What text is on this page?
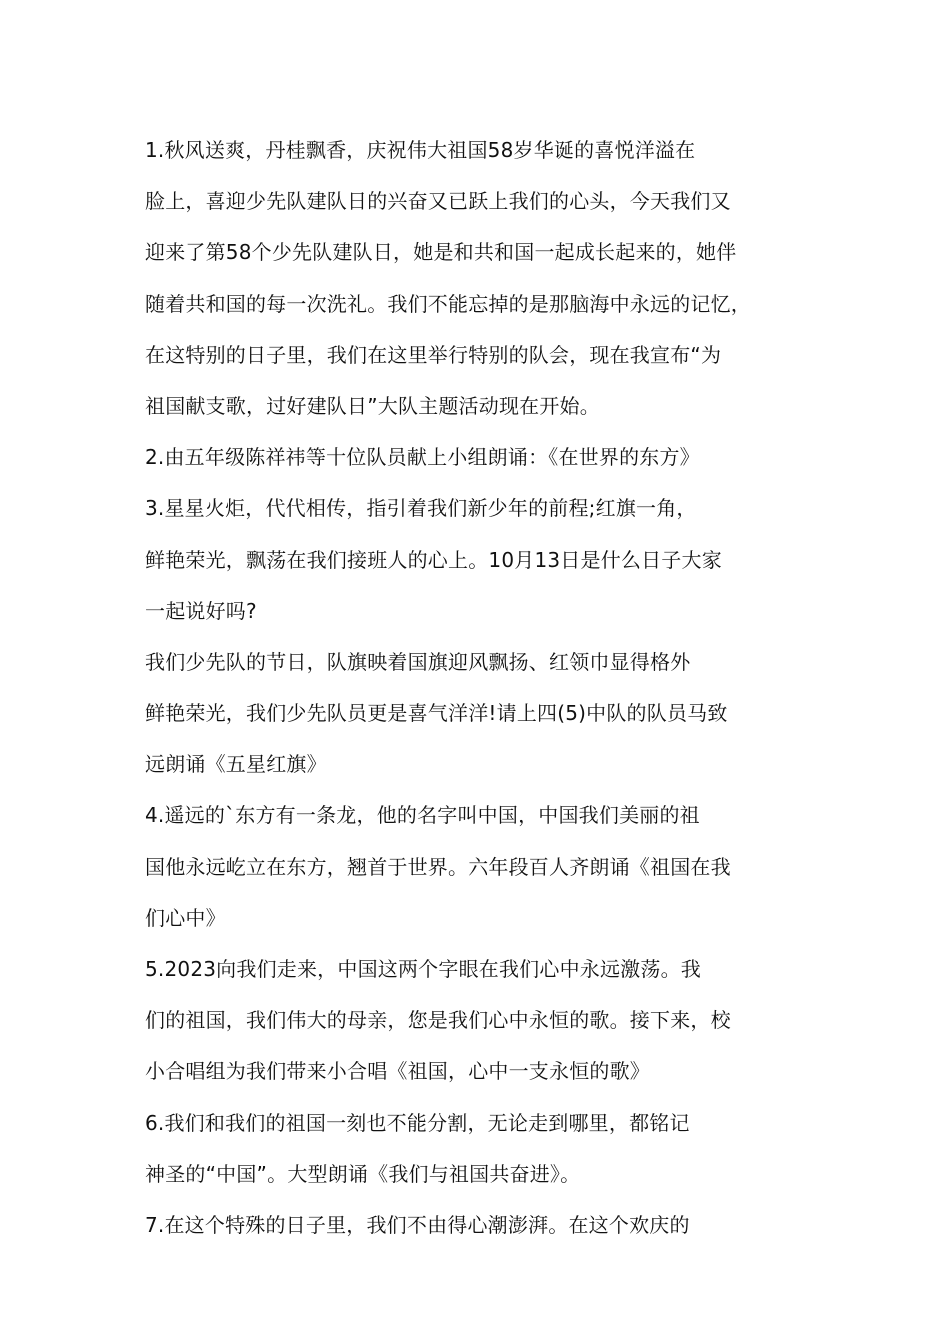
1.秋风送爽，丹桂飘香，庆祝伟大祖国58岁华诞的喜悦洋溢在
脸上，喜迎少先队建队日的兴奋又已跃上我们的心头，今天我们又
迎来了第58个少先队建队日，她是和共和国一起成长起来的，她伴
随着共和国的每一次洗礼。我们不能忘掉的是那脑海中永远的记忆，
在这特别的日子里，我们在这里举行特别的队会，现在我宣布“为
祖国献支歌，过好建队日”大队主题活动现在开始。
2.由五年级陈祥祎等十位队员献上小组朗诵：《在世界的东方》
3.星星火炬，代代相传，指引着我们新少年的前程;红旗一角，
鲜艳荣光，飘荡在我们接班人的心上。10月13日是什么日子大家
一起说好吗?
我们少先队的节日，队旗映着国旗迎风飘扬、红领巾显得格外
鲜艳荣光，我们少先队员更是喜气洋洋!请上四(5)中队的队员马致
远朗诵《五星红旗》
4.遥远的`东方有一条龙，他的名字叫中国，中国我们美丽的祖
国他永远屹立在东方，翘首于世界。六年段百人齐朗诵《祖国在我
们心中》
5.2023向我们走来，中国这两个字眼在我们心中永远激荡。我
们的祖国，我们伟大的母亲，您是我们心中永恒的歌。接下来，校
小合唱组为我们带来小合唱《祖国，心中一支永恒的歌》
6.我们和我们的祖国一刻也不能分割，无论走到哪里，都铭记
神圣的“中国”。大型朗诵《我们与祖国共奋进》。
7.在这个特殊的日子里，我们不由得心潮澎湃。在这个欢庆的
